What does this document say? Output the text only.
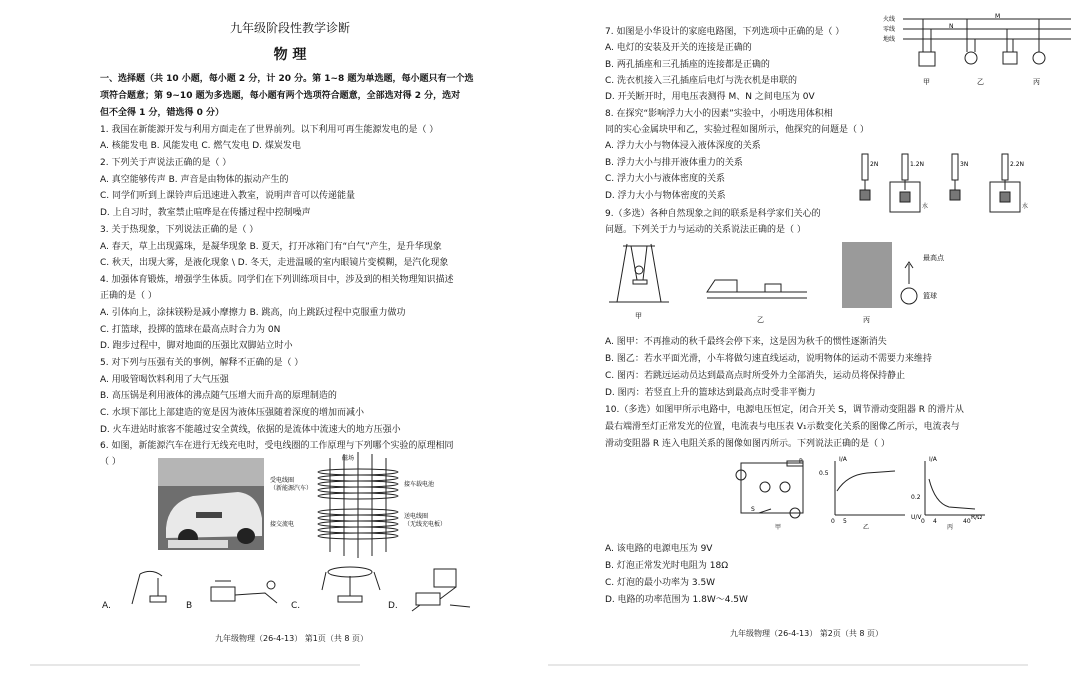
九年级阶段性教学诊断
物 理
一、选择题（共 10 小题，每小题 2 分，计 20 分。第 1~8 题为单选题，每小题只有一个选
项符合题意；第 9~10 题为多选题，每小题有两个选项符合题意，全部选对得 2 分，选对
但不全得 1 分，错选得 0 分）
1. 我国在新能源开发与利用方面走在了世界前列。以下利用可再生能源发电的是（ ）
A. 核能发电 B. 风能发电 C. 燃气发电 D. 煤炭发电
2. 下列关于声说法正确的是（ ）
A. 真空能够传声 B. 声音是由物体的振动产生的
C. 同学们听到上课铃声后迅速进入教室，说明声音可以传递能量
D. 上自习时，教室禁止喧哗是在传播过程中控制噪声
3. 关于热现象，下列说法正确的是（ ）
A. 春天，草上出现露珠，是凝华现象 B. 夏天，打开冰箱门有“白气”产生，是升华现象
C. 秋天，出现大雾，是液化现象 \ D. 冬天，走进温暖的室内眼镜片变模糊，是汽化现象
4. 加强体育锻炼，增强学生体质。同学们在下列训练项目中，涉及到的相关物理知识描述
正确的是（ ）
A. 引体向上，涂抹镁粉是减小摩擦力 B. 跳高，向上跳跃过程中克服重力做功
C. 打篮球，投掷的篮球在最高点时合力为 0N
D. 跑步过程中，脚对地面的压强比双脚站立时小
5. 对下列与压强有关的事例，解释不正确的是（ ）
A. 用吸管喝饮料利用了大气压强
B. 高压锅是利用液体的沸点随气压增大而升高的原理制造的
C. 水坝下部比上部建造的宽是因为液体压强随着深度的增加而减小
D. 火车进站时旅客不能越过安全黄线，依据的是流体中流速大的地方压强小
6. 如图，新能源汽车在进行无线充电时，受电线圈的工作原理与下列哪个实验的原理相同
（ ）	磁场
受电线圈
（新能源汽车）
接车载电池
接交流电
送电线圈
（无线充电板）
A.	B	C.	D.
九年级物理（26-4-13） 第1页（共 8 页）
7. 如图是小华设计的家庭电路图，下列选项中正确的是（ ）
A. 电灯的安装及开关的连接是正确的
B. 两孔插座和三孔插座的连接都是正确的
C. 洗衣机接入三孔插座后电灯与洗衣机是串联的
D. 开关断开时，用电压表测得 M、N 之间电压为 0V
8. 在探究“影响浮力大小的因素”实验中，小明选用体积相
同的实心金属块甲和乙，实验过程如图所示，他探究的问题是（ ）
A. 浮力大小与物体浸入液体深度的关系
B. 浮力大小与排开液体重力的关系
C. 浮力大小与液体密度的关系
D. 浮力大小与物体密度的关系
9.（多选）各种自然现象之间的联系是科学家们关心的
问题。下列关于力与运动的关系说法正确的是（ ）
火线
零线
地线
N
M
甲	乙	丙
2N	1.2N	3N	2.2N
水	水
甲	乙	丙
最高点
篮球
A. 图甲：不再推动的秋千最终会停下来，这是因为秋千的惯性逐渐消失
B. 图乙：若水平面光滑，小车将做匀速直线运动，说明物体的运动不需要力来维持
C. 图丙：若跳远运动员达到最高点时所受外力全部消失，运动员将保持静止
D. 图丙：若竖直上升的篮球达到最高点时受非平衡力
10.（多选）如图甲所示电路中，电源电压恒定，闭合开关 S，调节滑动变阻器 R 的滑片从
最右端滑至灯正常发光的位置，电流表与电压表 V₁示数变化关系的图像乙所示，电流表与
滑动变阻器 R 连入电阻关系的图像如图丙所示。下列说法正确的是（ ）
P
S
I/A
0.5
0 5
U/V
I/A
0.2
0 4	40
R/Ω
甲	乙	丙
A. 该电路的电源电压为 9V
B. 灯泡正常发光时电阻为 18Ω
C. 灯泡的最小功率为 3.5W
D. 电路的功率范围为 1.8W～4.5W
九年级物理（26-4-13） 第2页（共 8 页）
